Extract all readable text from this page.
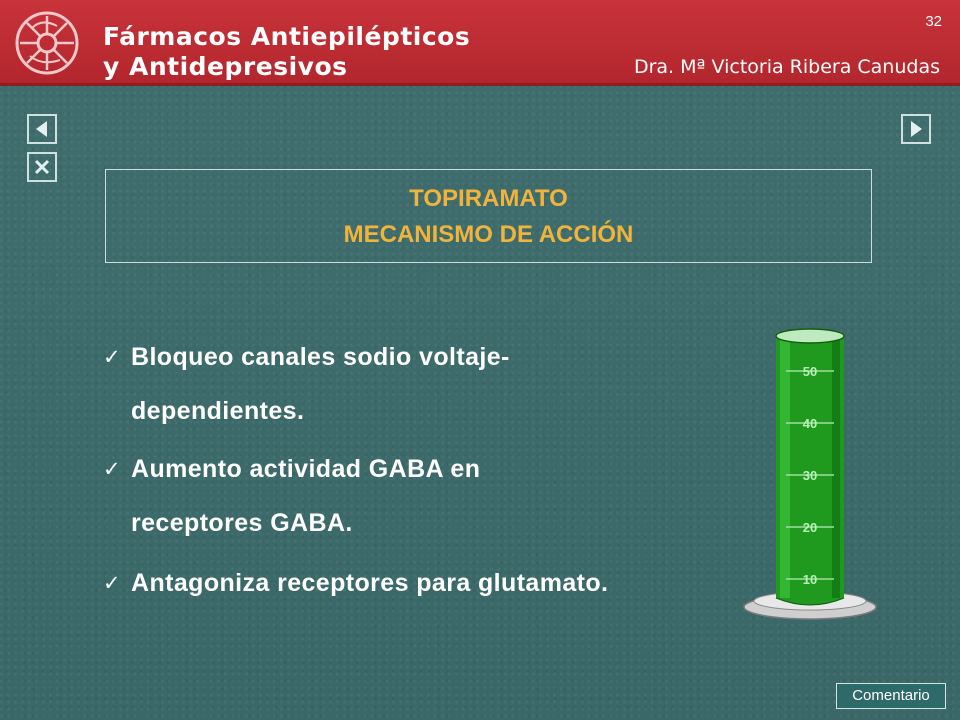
Fármacos Antiepilépticos
y Antidepresivos	Dra. Mª Victoria Ribera Canudas
32
TOPIRAMATO
MECANISMO DE ACCIÓN
✓ Bloqueo canales sodio voltaje-
dependientes.
✓ Aumento actividad GABA en
receptores GABA.
✓ Antagoniza receptores para glutamato.
50
40
30
20
10
Comentario
